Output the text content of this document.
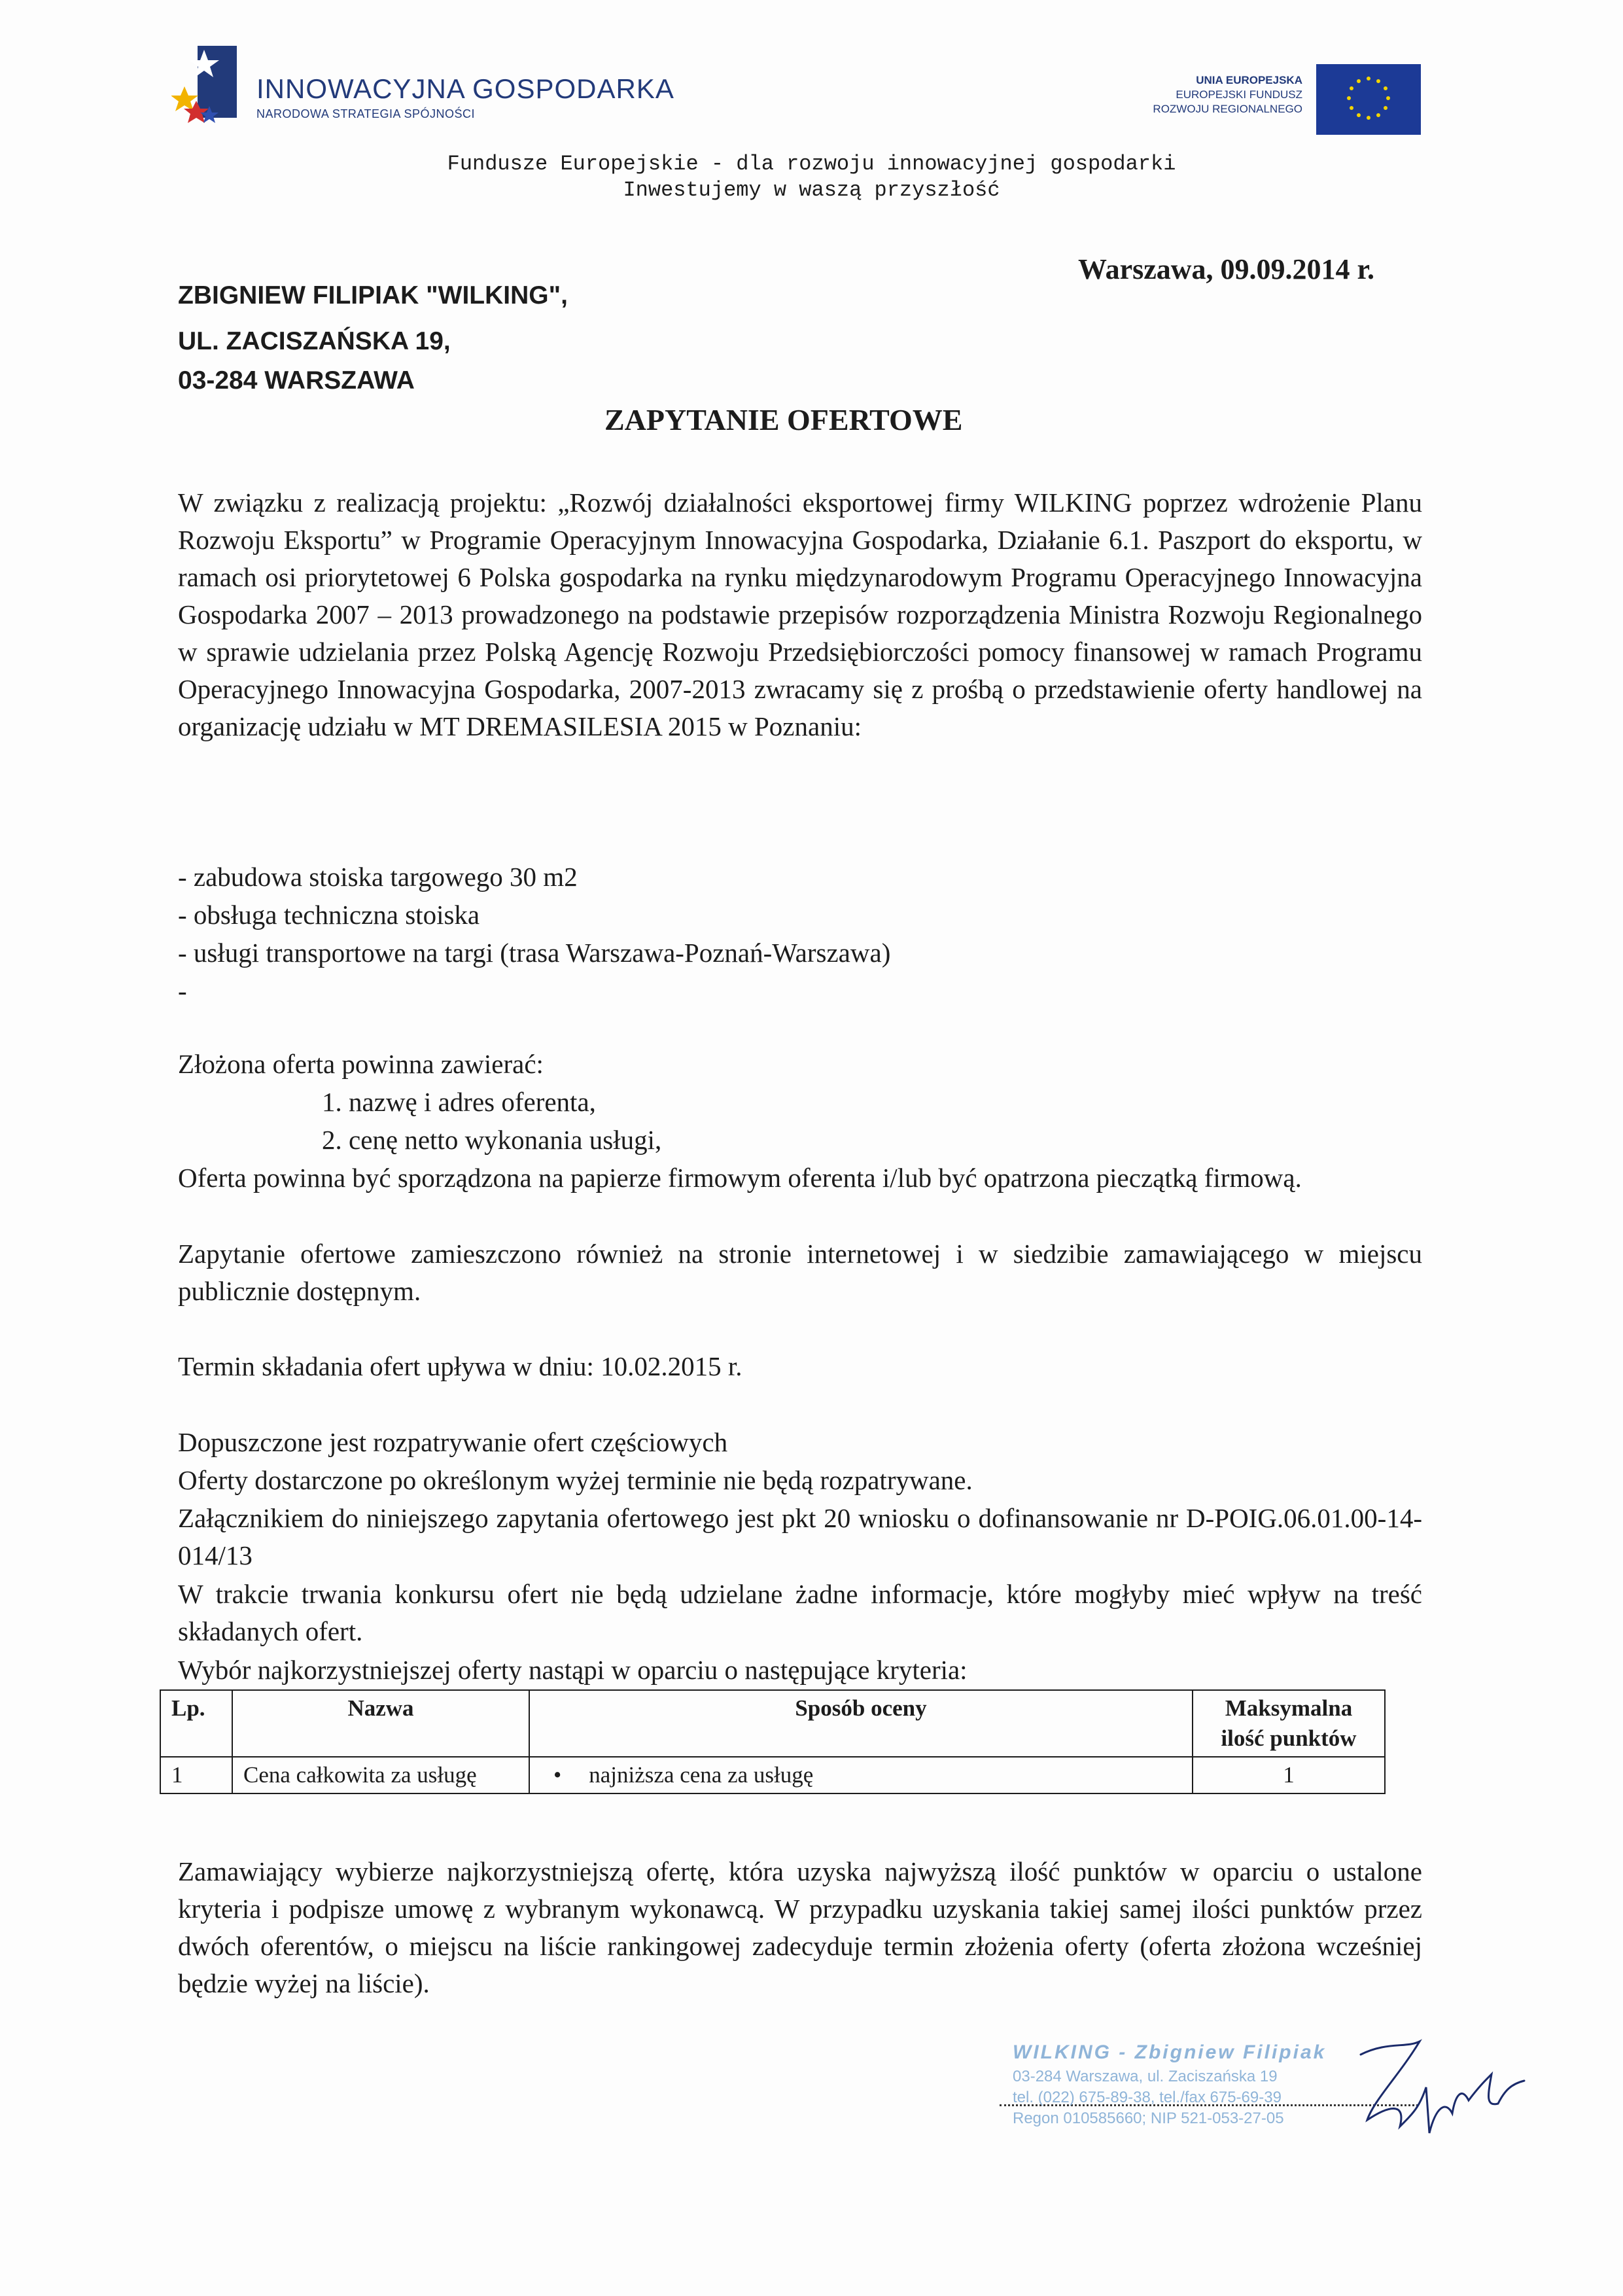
INNOWACYJNA GOSPODARKA
NARODOWA STRATEGIA SPÓJNOŚCI
UNIA EUROPEJSKA
EUROPEJSKI FUNDUSZ
ROZWOJU REGIONALNEGO
Fundusze Europejskie - dla rozwoju innowacyjnej gospodarki
Inwestujemy w waszą przyszłość
Warszawa, 09.09.2014 r.
ZBIGNIEW FILIPIAK "WILKING",
UL. ZACISZAŃSKA 19,
03-284 WARSZAWA
ZAPYTANIE OFERTOWE
W związku z realizacją projektu: „Rozwój działalności eksportowej firmy WILKING poprzez wdrożenie Planu Rozwoju Eksportu” w Programie Operacyjnym Innowacyjna Gospodarka, Działanie 6.1. Paszport do eksportu, w ramach osi priorytetowej 6 Polska gospodarka na rynku międzynarodowym Programu Operacyjnego Innowacyjna Gospodarka 2007 – 2013 prowadzonego na podstawie przepisów rozporządzenia Ministra Rozwoju Regionalnego w sprawie udzielania przez Polską Agencję Rozwoju Przedsiębiorczości pomocy finansowej w ramach Programu Operacyjnego Innowacyjna Gospodarka, 2007-2013 zwracamy się z prośbą o przedstawienie oferty handlowej na organizację udziału w MT DREMASILESIA 2015 w Poznaniu:
- zabudowa stoiska targowego 30 m2
- obsługa techniczna stoiska
- usługi transportowe na targi (trasa Warszawa-Poznań-Warszawa)
-
Złożona oferta powinna zawierać:
1. nazwę i adres oferenta,
2. cenę netto wykonania usługi,
Oferta powinna być sporządzona na papierze firmowym oferenta i/lub być opatrzona pieczątką firmową.
Zapytanie ofertowe zamieszczono również na stronie internetowej i w siedzibie zamawiającego w miejscu publicznie dostępnym.
Termin składania ofert upływa w dniu: 10.02.2015 r.
Dopuszczone jest rozpatrywanie ofert częściowych
Oferty dostarczone po określonym wyżej terminie nie będą rozpatrywane.
Załącznikiem do niniejszego zapytania ofertowego jest pkt 20 wniosku o dofinansowanie nr D-POIG.06.01.00-14-014/13
W trakcie trwania konkursu ofert nie będą udzielane żadne informacje, które mogłyby mieć wpływ na treść składanych ofert.
Wybór najkorzystniejszej oferty nastąpi w oparciu o następujące kryteria:
Lp.	Nazwa	Sposób oceny	Maksymalna ilość punktów
1	Cena całkowita za usługę	• najniższa cena za usługę	1
Zamawiający wybierze najkorzystniejszą ofertę, która uzyska najwyższą ilość punktów w oparciu o ustalone kryteria i podpisze umowę z wybranym wykonawcą. W przypadku uzyskania takiej samej ilości punktów przez dwóch oferentów, o miejscu na liście rankingowej zadecyduje termin złożenia oferty (oferta złożona wcześniej będzie wyżej na liście).
WILKING - Zbigniew Filipiak
03-284 Warszawa, ul. Zaciszańska 19
tel. (022) 675-89-38, tel./fax 675-69-39
Regon 010585660; NIP 521-053-27-05
